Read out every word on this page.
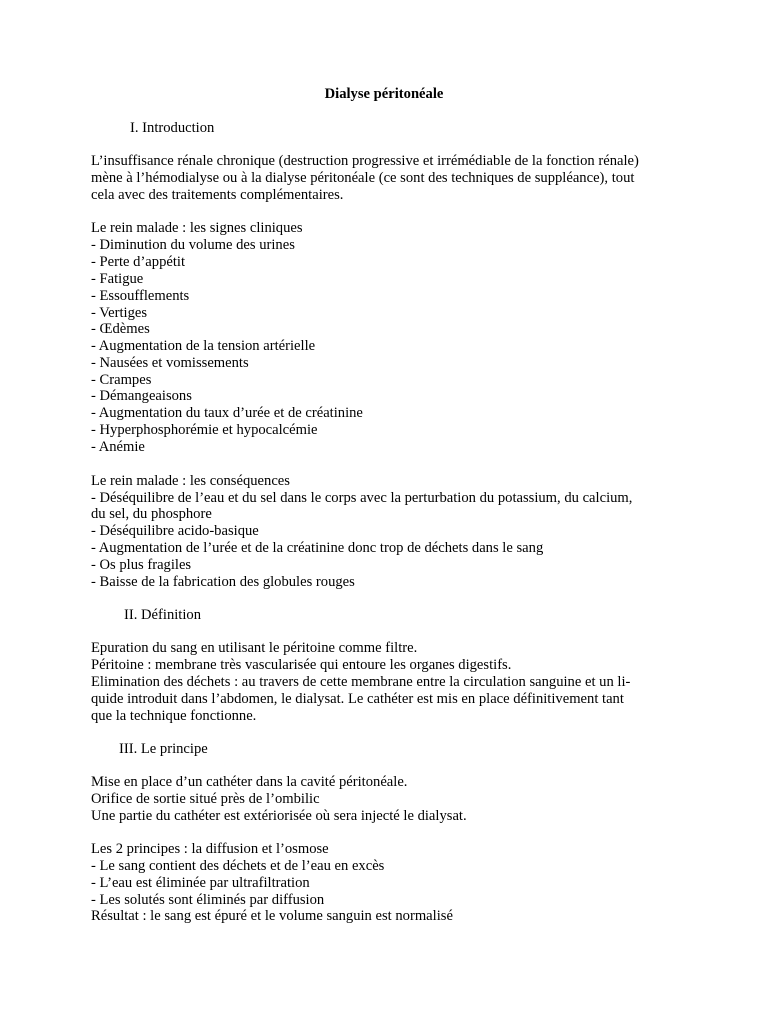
Dialyse péritonéale
I. Introduction
L’insuffisance rénale chronique (destruction progressive et irrémédiable de la fonction rénale)
mène à l’hémodialyse ou à la dialyse péritonéale (ce sont des techniques de suppléance), tout
cela avec des traitements complémentaires.
Le rein malade : les signes cliniques
- Diminution du volume des urines
- Perte d’appétit
- Fatigue
- Essoufflements
- Vertiges
- Œdèmes
- Augmentation de la tension artérielle
- Nausées et vomissements
- Crampes
- Démangeaisons
- Augmentation du taux d’urée et de créatinine
- Hyperphosphorémie et hypocalcémie
- Anémie
Le rein malade : les conséquences
- Déséquilibre de l’eau et du sel dans le corps avec la perturbation du potassium, du calcium,
du sel, du phosphore
- Déséquilibre acido-basique
- Augmentation de l’urée et de la créatinine donc trop de déchets dans le sang
- Os plus fragiles
- Baisse de la fabrication des globules rouges
II. Définition
Epuration du sang en utilisant le péritoine comme filtre.
Péritoine : membrane très vascularisée qui entoure les organes digestifs.
Elimination des déchets : au travers de cette membrane entre la circulation sanguine et un li-
quide introduit dans l’abdomen, le dialysat. Le cathéter est mis en place définitivement tant
que la technique fonctionne.
III. Le principe
Mise en place d’un cathéter dans la cavité péritonéale.
Orifice de sortie situé près de l’ombilic
Une partie du cathéter est extériorisée où sera injecté le dialysat.
Les 2 principes : la diffusion et l’osmose
- Le sang contient des déchets et de l’eau en excès
- L’eau est éliminée par ultrafiltration
- Les solutés sont éliminés par diffusion
Résultat : le sang est épuré et le volume sanguin est normalisé
